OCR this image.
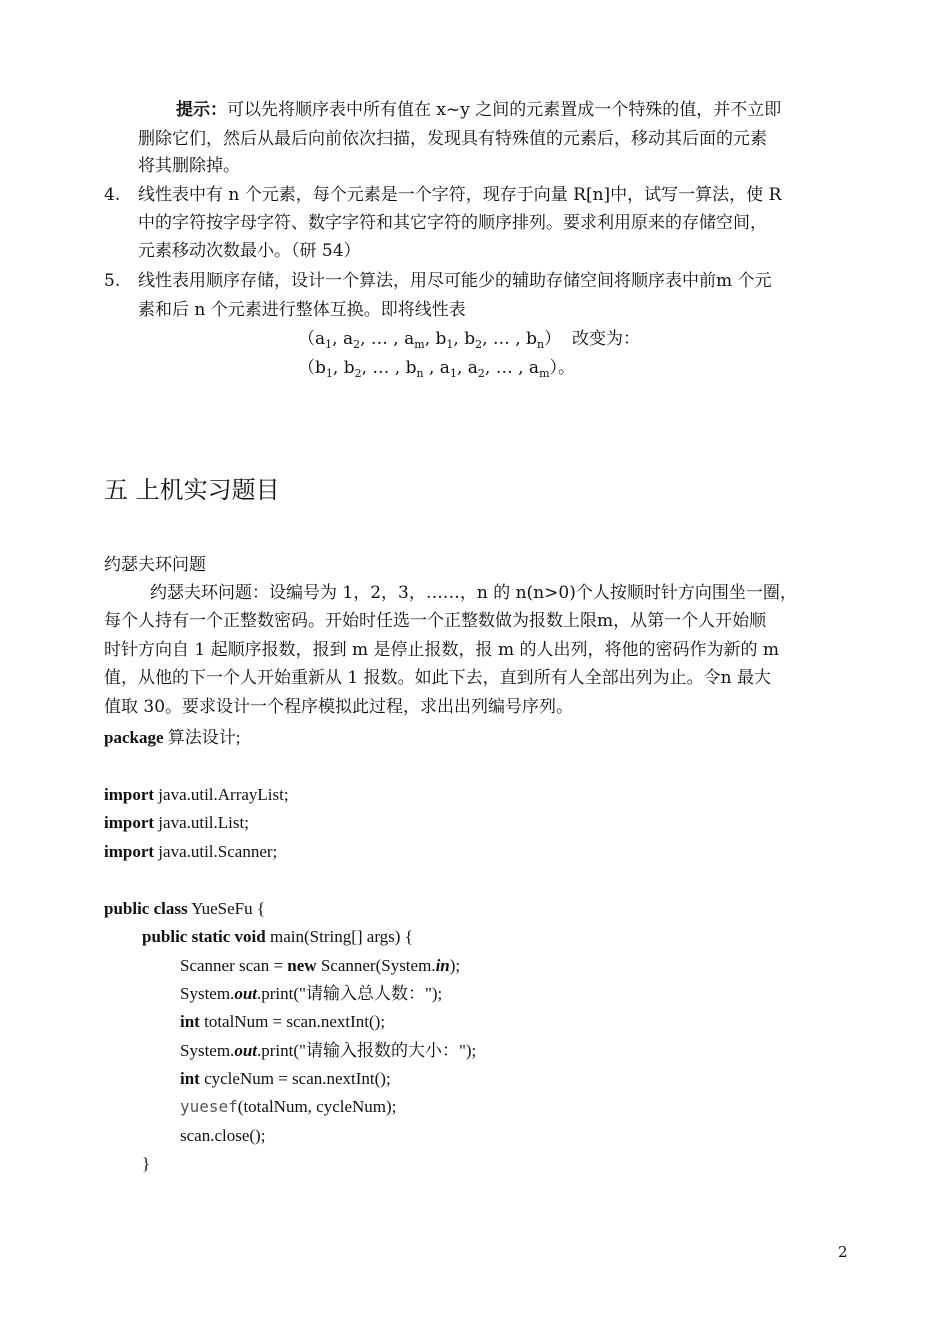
提示：可以先将顺序表中所有值在 x~y 之间的元素置成一个特殊的值，并不立即
删除它们，然后从最后向前依次扫描，发现具有特殊值的元素后，移动其后面的元素
将其删除掉。
4. 线性表中有 n 个元素，每个元素是一个字符，现存于向量 R[n]中，试写一算法，使 R
中的字符按字母字符、数字字符和其它字符的顺序排列。要求利用原来的存储空间，
元素移动次数最小。（研 54）
5. 线性表用顺序存储，设计一个算法，用尽可能少的辅助存储空间将顺序表中前m 个元
素和后 n 个元素进行整体互换。即将线性表
（$a_1$, $a_2$, … , $a_m$, $b_1$, $b_2$, … , $b_n$） 改变为：
（$b_1$, $b_2$, … , $b_n$ , $a_1$, $a_2$, … , $a_m$）。
五 上机实习题目
约瑟夫环问题
约瑟夫环问题：设编号为 1，2，3，……，n 的 n(n>0)个人按顺时针方向围坐一圈，
每个人持有一个正整数密码。开始时任选一个正整数做为报数上限m，从第一个人开始顺
时针方向自 1 起顺序报数，报到 m 是停止报数，报 m 的人出列，将他的密码作为新的 m
值，从他的下一个人开始重新从 1 报数。如此下去，直到所有人全部出列为止。令n 最大
值取 30。要求设计一个程序模拟此过程，求出出列编号序列。
package 算法设计;
import java.util.ArrayList;
import java.util.List;
import java.util.Scanner;
public class YueSeFu {
public static void main(String[] args) {
Scanner scan = new Scanner(System.in);
System.out.print("请输入总人数：");
int totalNum = scan.nextInt();
System.out.print("请输入报数的大小：");
int cycleNum = scan.nextInt();
yuesef(totalNum, cycleNum);
scan.close();
}
2
